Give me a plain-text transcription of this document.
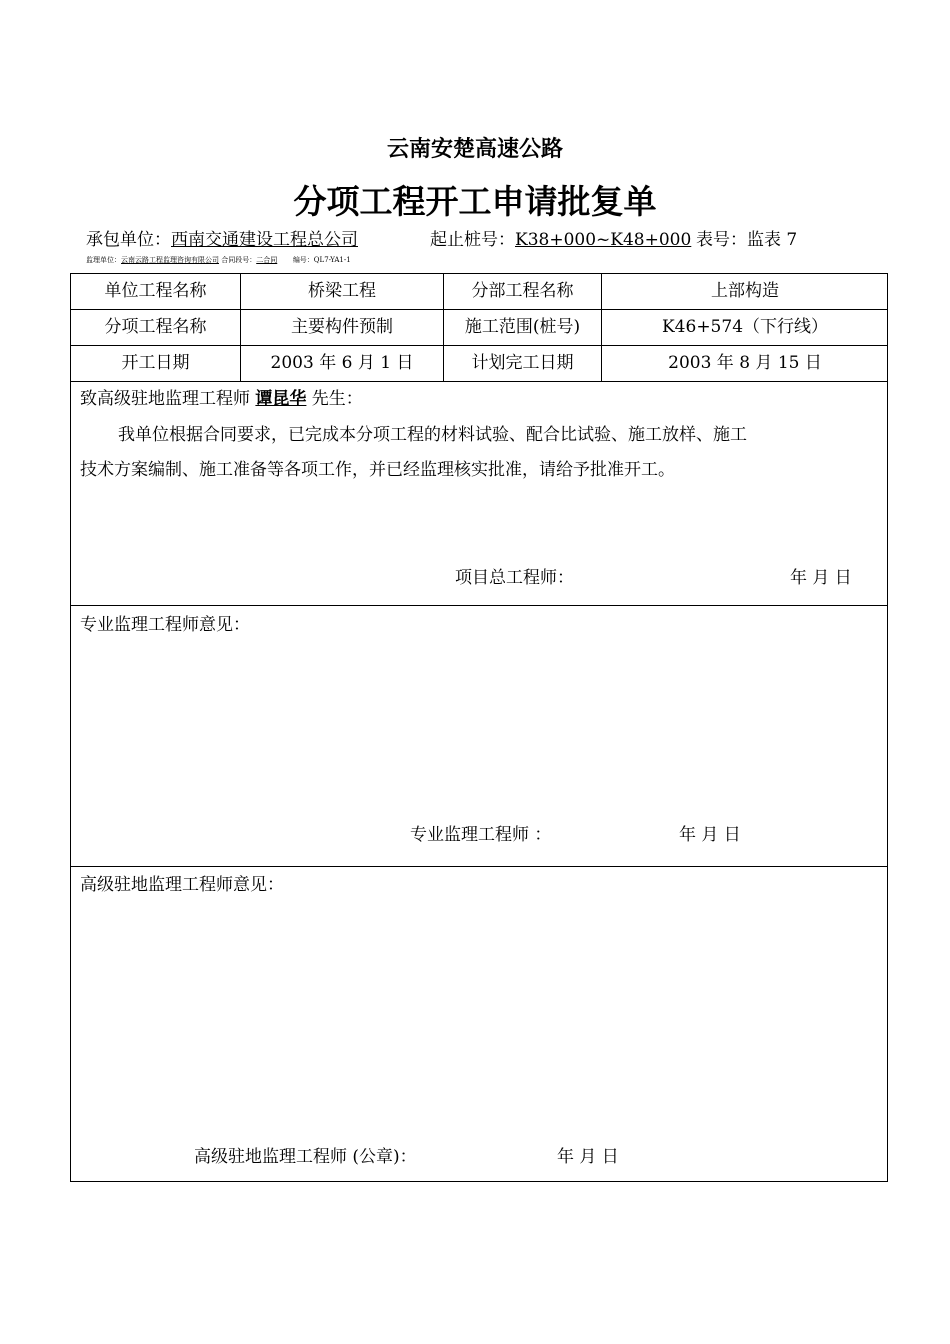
云南安楚高速公路
分项工程开工申请批复单
承包单位：西南交通建设工程总公司	起止桩号：K38+000~K48+000 表号：监表 7
监理单位：云南云路工程监理咨询有限公司 合同段号：二合同 编号：QL7-YA1-1
单位工程名称	桥梁工程	分部工程名称	上部构造
分项工程名称	主要构件预制	施工范围(桩号)	K46+574（下行线）
开工日期	2003 年 6 月 1 日	计划完工日期	2003 年 8 月 15 日
致高级驻地监理工程师 谭昆华 先生：
我单位根据合同要求，已完成本分项工程的材料试验、配合比试验、施工放样、施工
技术方案编制、施工准备等各项工作，并已经监理核实批准，请给予批准开工。
项目总工程师：	年 月 日
专业监理工程师意见：
专业监理工程师 ：	年 月 日
高级驻地监理工程师意见：
高级驻地监理工程师 (公章)：	年 月 日
